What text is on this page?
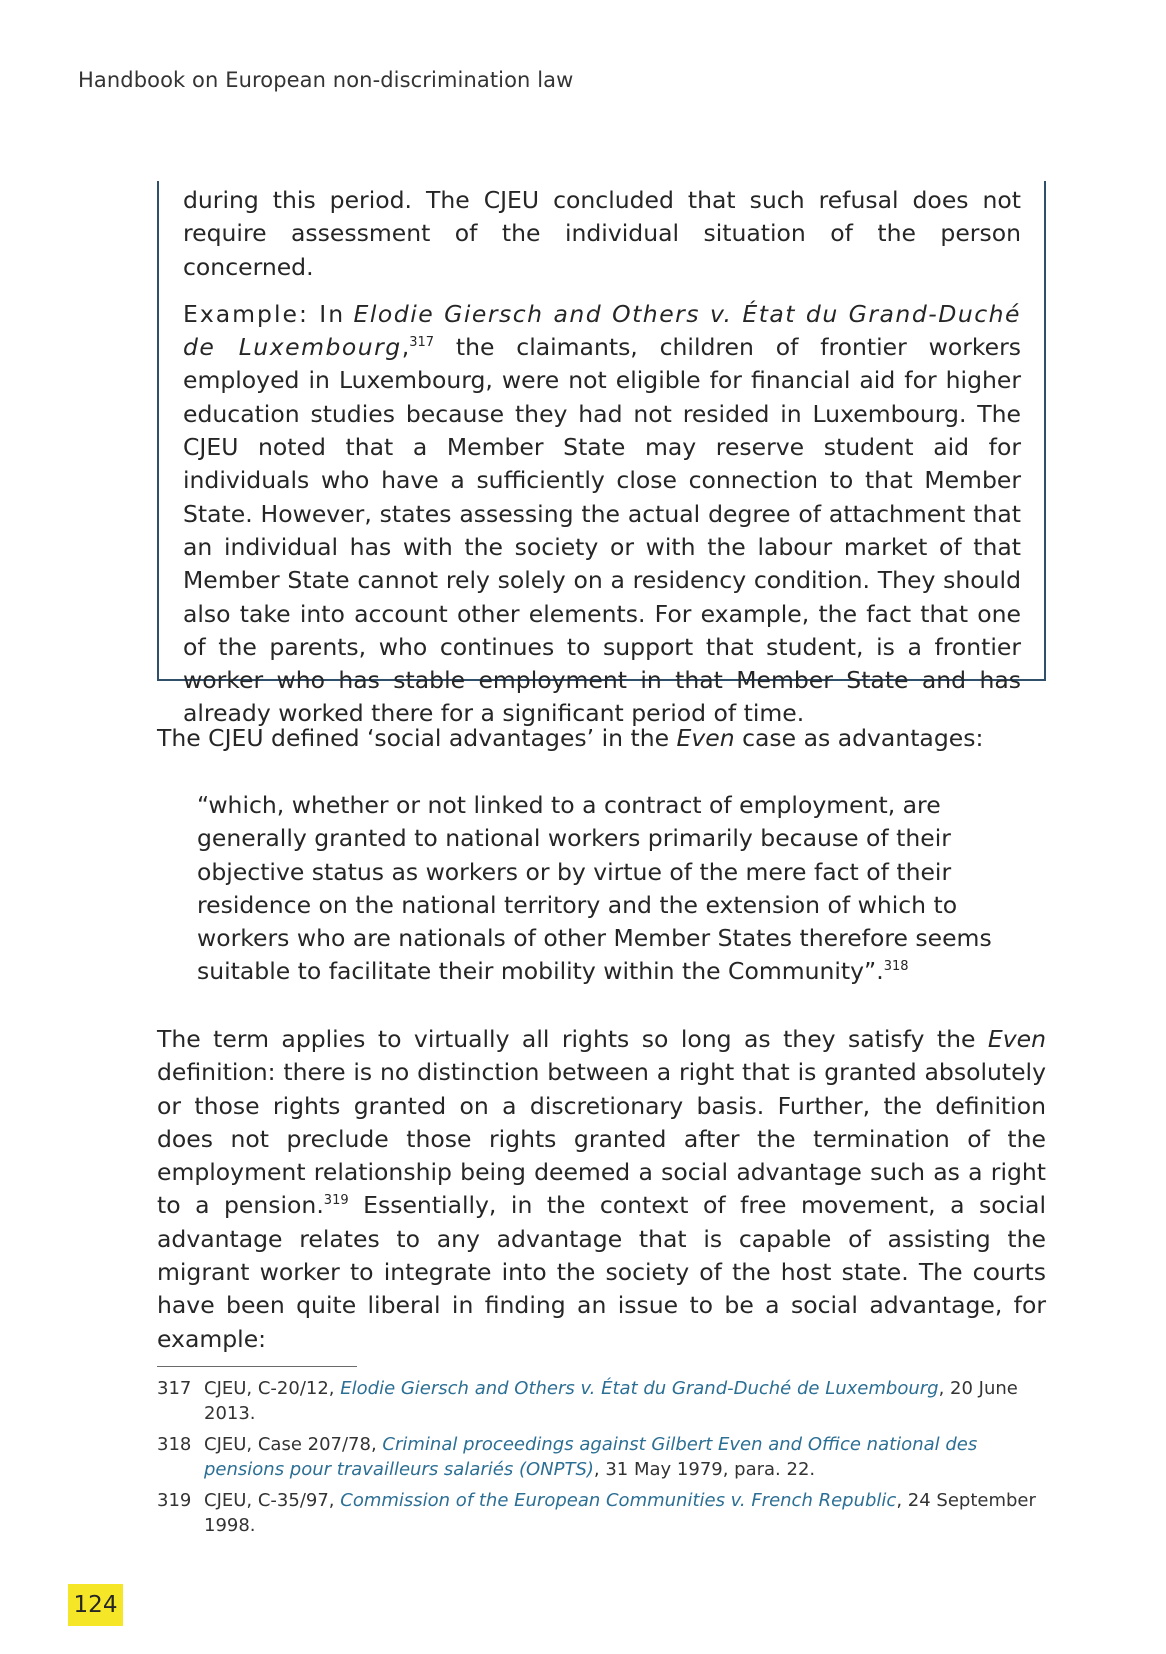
Handbook on European non-discrimination law

during this period. The CJEU concluded that such refusal does not require assessment of the individual situation of the person concerned.

Example: In Elodie Giersch and Others v. État du Grand-Duché de Luxembourg,$^{317}$ the claimants, children of frontier workers employed in Luxembourg, were not eligible for financial aid for higher education studies because they had not resided in Luxembourg. The CJEU noted that a Member State may reserve student aid for individuals who have a sufficiently close connection to that Member State. However, states assessing the actual degree of attachment that an individual has with the society or with the labour market of that Member State cannot rely solely on a residency condition. They should also take into account other elements. For example, the fact that one of the parents, who continues to support that student, is a frontier worker who has stable employment in that Member State and has already worked there for a significant period of time.

The CJEU defined ‘social advantages’ in the Even case as advantages:

“which, whether or not linked to a contract of employment, are generally granted to national workers primarily because of their objective status as workers or by virtue of the mere fact of their residence on the national territory and the extension of which to workers who are nationals of other Member States therefore seems suitable to facilitate their mobility within the Community”.$^{318}$

The term applies to virtually all rights so long as they satisfy the Even definition: there is no distinction between a right that is granted absolutely or those rights granted on a discretionary basis. Further, the definition does not preclude those rights granted after the termination of the employment relationship being deemed a social advantage such as a right to a pension.$^{319}$ Essentially, in the context of free movement, a social advantage relates to any advantage that is capable of assisting the migrant worker to integrate into the society of the host state. The courts have been quite liberal in finding an issue to be a social advantage, for example:

317 CJEU, C-20/12, Elodie Giersch and Others v. État du Grand-Duché de Luxembourg, 20 June 2013.
318 CJEU, Case 207/78, Criminal proceedings against Gilbert Even and Office national des pensions pour travailleurs salariés (ONPTS), 31 May 1979, para. 22.
319 CJEU, C-35/97, Commission of the European Communities v. French Republic, 24 September 1998.
124
